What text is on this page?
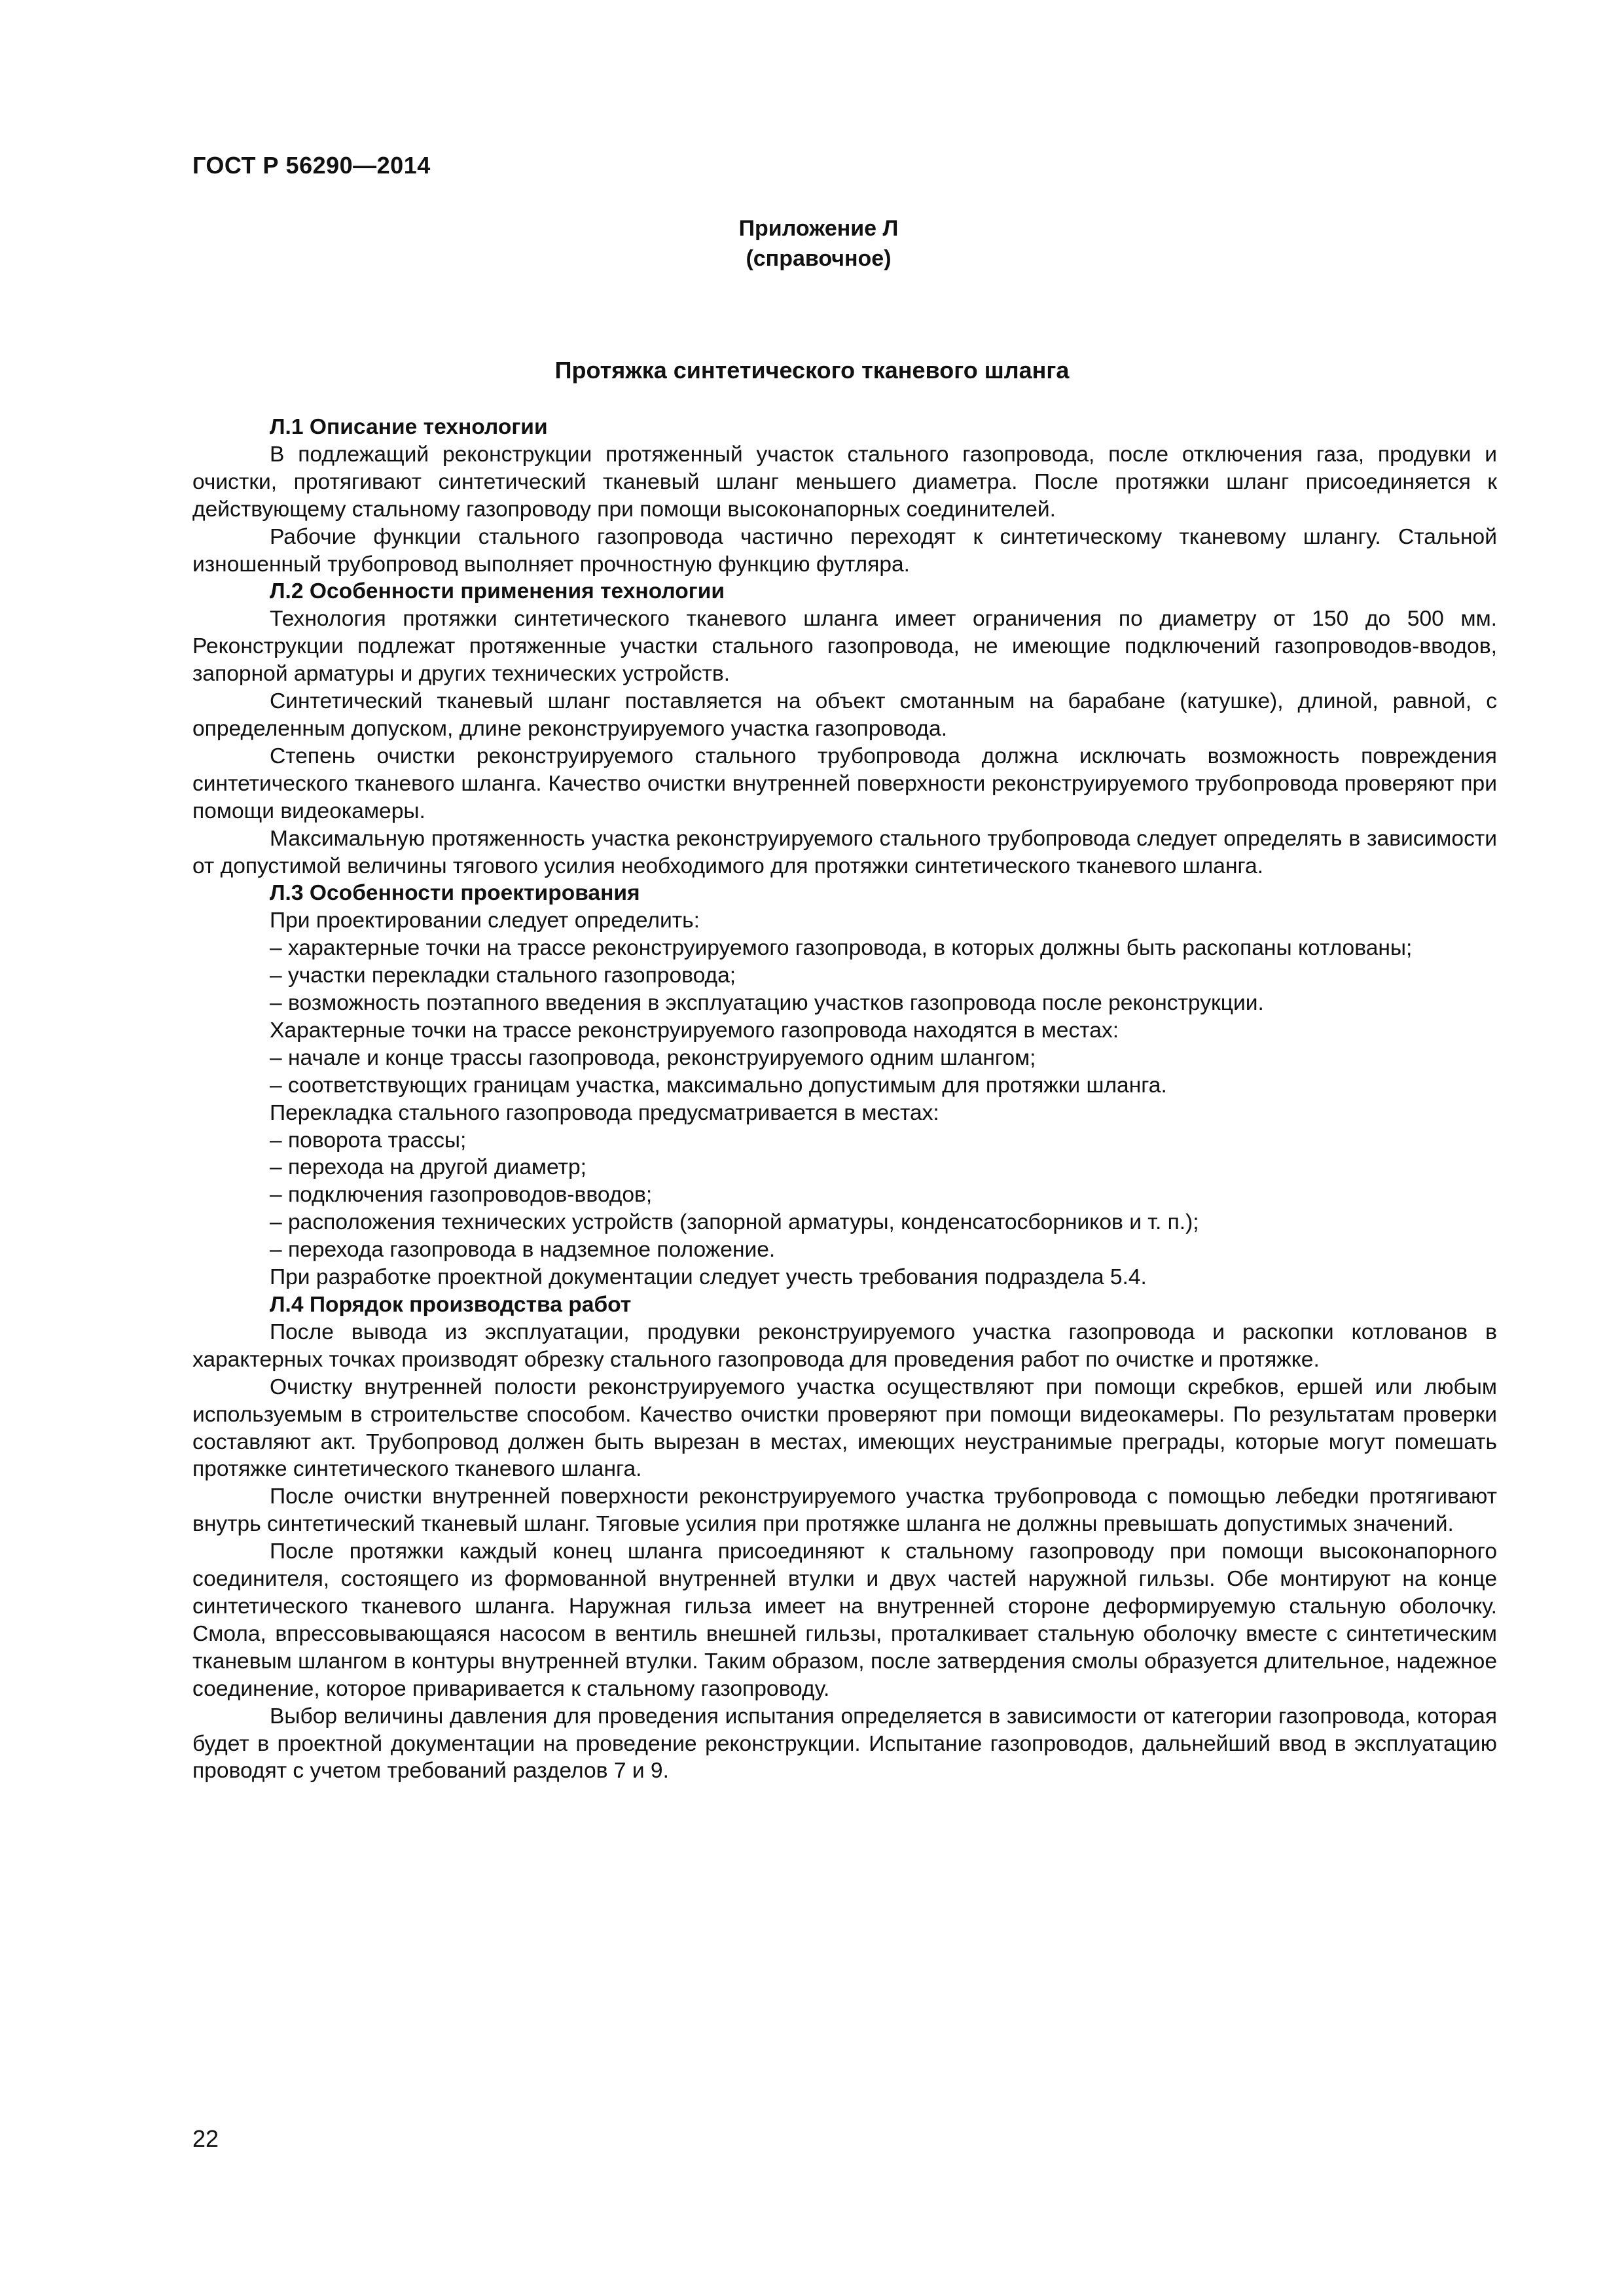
ГОСТ Р 56290—2014
Приложение Л
(справочное)
Протяжка синтетического тканевого шланга

Л.1 Описание технологии

В подлежащий реконструкции протяженный участок стального газопровода, после отключения газа, продувки и очистки, протягивают синтетический тканевый шланг меньшего диаметра. После протяжки шланг присоединяется к действующему стальному газопроводу при помощи высоконапорных соединителей.

Рабочие функции стального газопровода частично переходят к синтетическому тканевому шлангу. Стальной изношенный трубопровод выполняет прочностную функцию футляра.

Л.2 Особенности применения технологии

Технология протяжки синтетического тканевого шланга имеет ограничения по диаметру от 150 до 500 мм. Реконструкции подлежат протяженные участки стального газопровода, не имеющие подключений газопроводов-вводов, запорной арматуры и других технических устройств.

Синтетический тканевый шланг поставляется на объект смотанным на барабане (катушке), длиной, равной, с определенным допуском, длине реконструируемого участка газопровода.

Степень очистки реконструируемого стального трубопровода должна исключать возможность повреждения синтетического тканевого шланга. Качество очистки внутренней поверхности реконструируемого трубопровода проверяют при помощи видеокамеры.

Максимальную протяженность участка реконструируемого стального трубопровода следует определять в зависимости от допустимой величины тягового усилия необходимого для протяжки синтетического тканевого шланга.

Л.3 Особенности проектирования

При проектировании следует определить:

– характерные точки на трассе реконструируемого газопровода, в которых должны быть раскопаны котлованы;

– участки перекладки стального газопровода;

– возможность поэтапного введения в эксплуатацию участков газопровода после реконструкции.

Характерные точки на трассе реконструируемого газопровода находятся в местах:

– начале и конце трассы газопровода, реконструируемого одним шлангом;

– соответствующих границам участка, максимально допустимым для протяжки шланга.

Перекладка стального газопровода предусматривается в местах:

– поворота трассы;

– перехода на другой диаметр;

– подключения газопроводов-вводов;

– расположения технических устройств (запорной арматуры, конденсатосборников и т. п.);

– перехода газопровода в надземное положение.

При разработке проектной документации следует учесть требования подраздела 5.4.

Л.4 Порядок производства работ

После вывода из эксплуатации, продувки реконструируемого участка газопровода и раскопки котлованов в характерных точках производят обрезку стального газопровода для проведения работ по очистке и протяжке.

Очистку внутренней полости реконструируемого участка осуществляют при помощи скребков, ершей или любым используемым в строительстве способом. Качество очистки проверяют при помощи видеокамеры. По результатам проверки составляют акт. Трубопровод должен быть вырезан в местах, имеющих неустранимые преграды, которые могут помешать протяжке синтетического тканевого шланга.

После очистки внутренней поверхности реконструируемого участка трубопровода с помощью лебедки протягивают внутрь синтетический тканевый шланг. Тяговые усилия при протяжке шланга не должны превышать допустимых значений.

После протяжки каждый конец шланга присоединяют к стальному газопроводу при помощи высоконапорного соединителя, состоящего из формованной внутренней втулки и двух частей наружной гильзы. Обе монтируют на конце синтетического тканевого шланга. Наружная гильза имеет на внутренней стороне деформируемую стальную оболочку. Смола, впрессовывающаяся насосом в вентиль внешней гильзы, проталкивает стальную оболочку вместе с синтетическим тканевым шлангом в контуры внутренней втулки. Таким образом, после затвердения смолы образуется длительное, надежное соединение, которое приваривается к стальному газопроводу.

Выбор величины давления для проведения испытания определяется в зависимости от категории газопровода, которая будет в проектной документации на проведение реконструкции. Испытание газопроводов, дальнейший ввод в эксплуатацию проводят с учетом требований разделов 7 и 9.

22
